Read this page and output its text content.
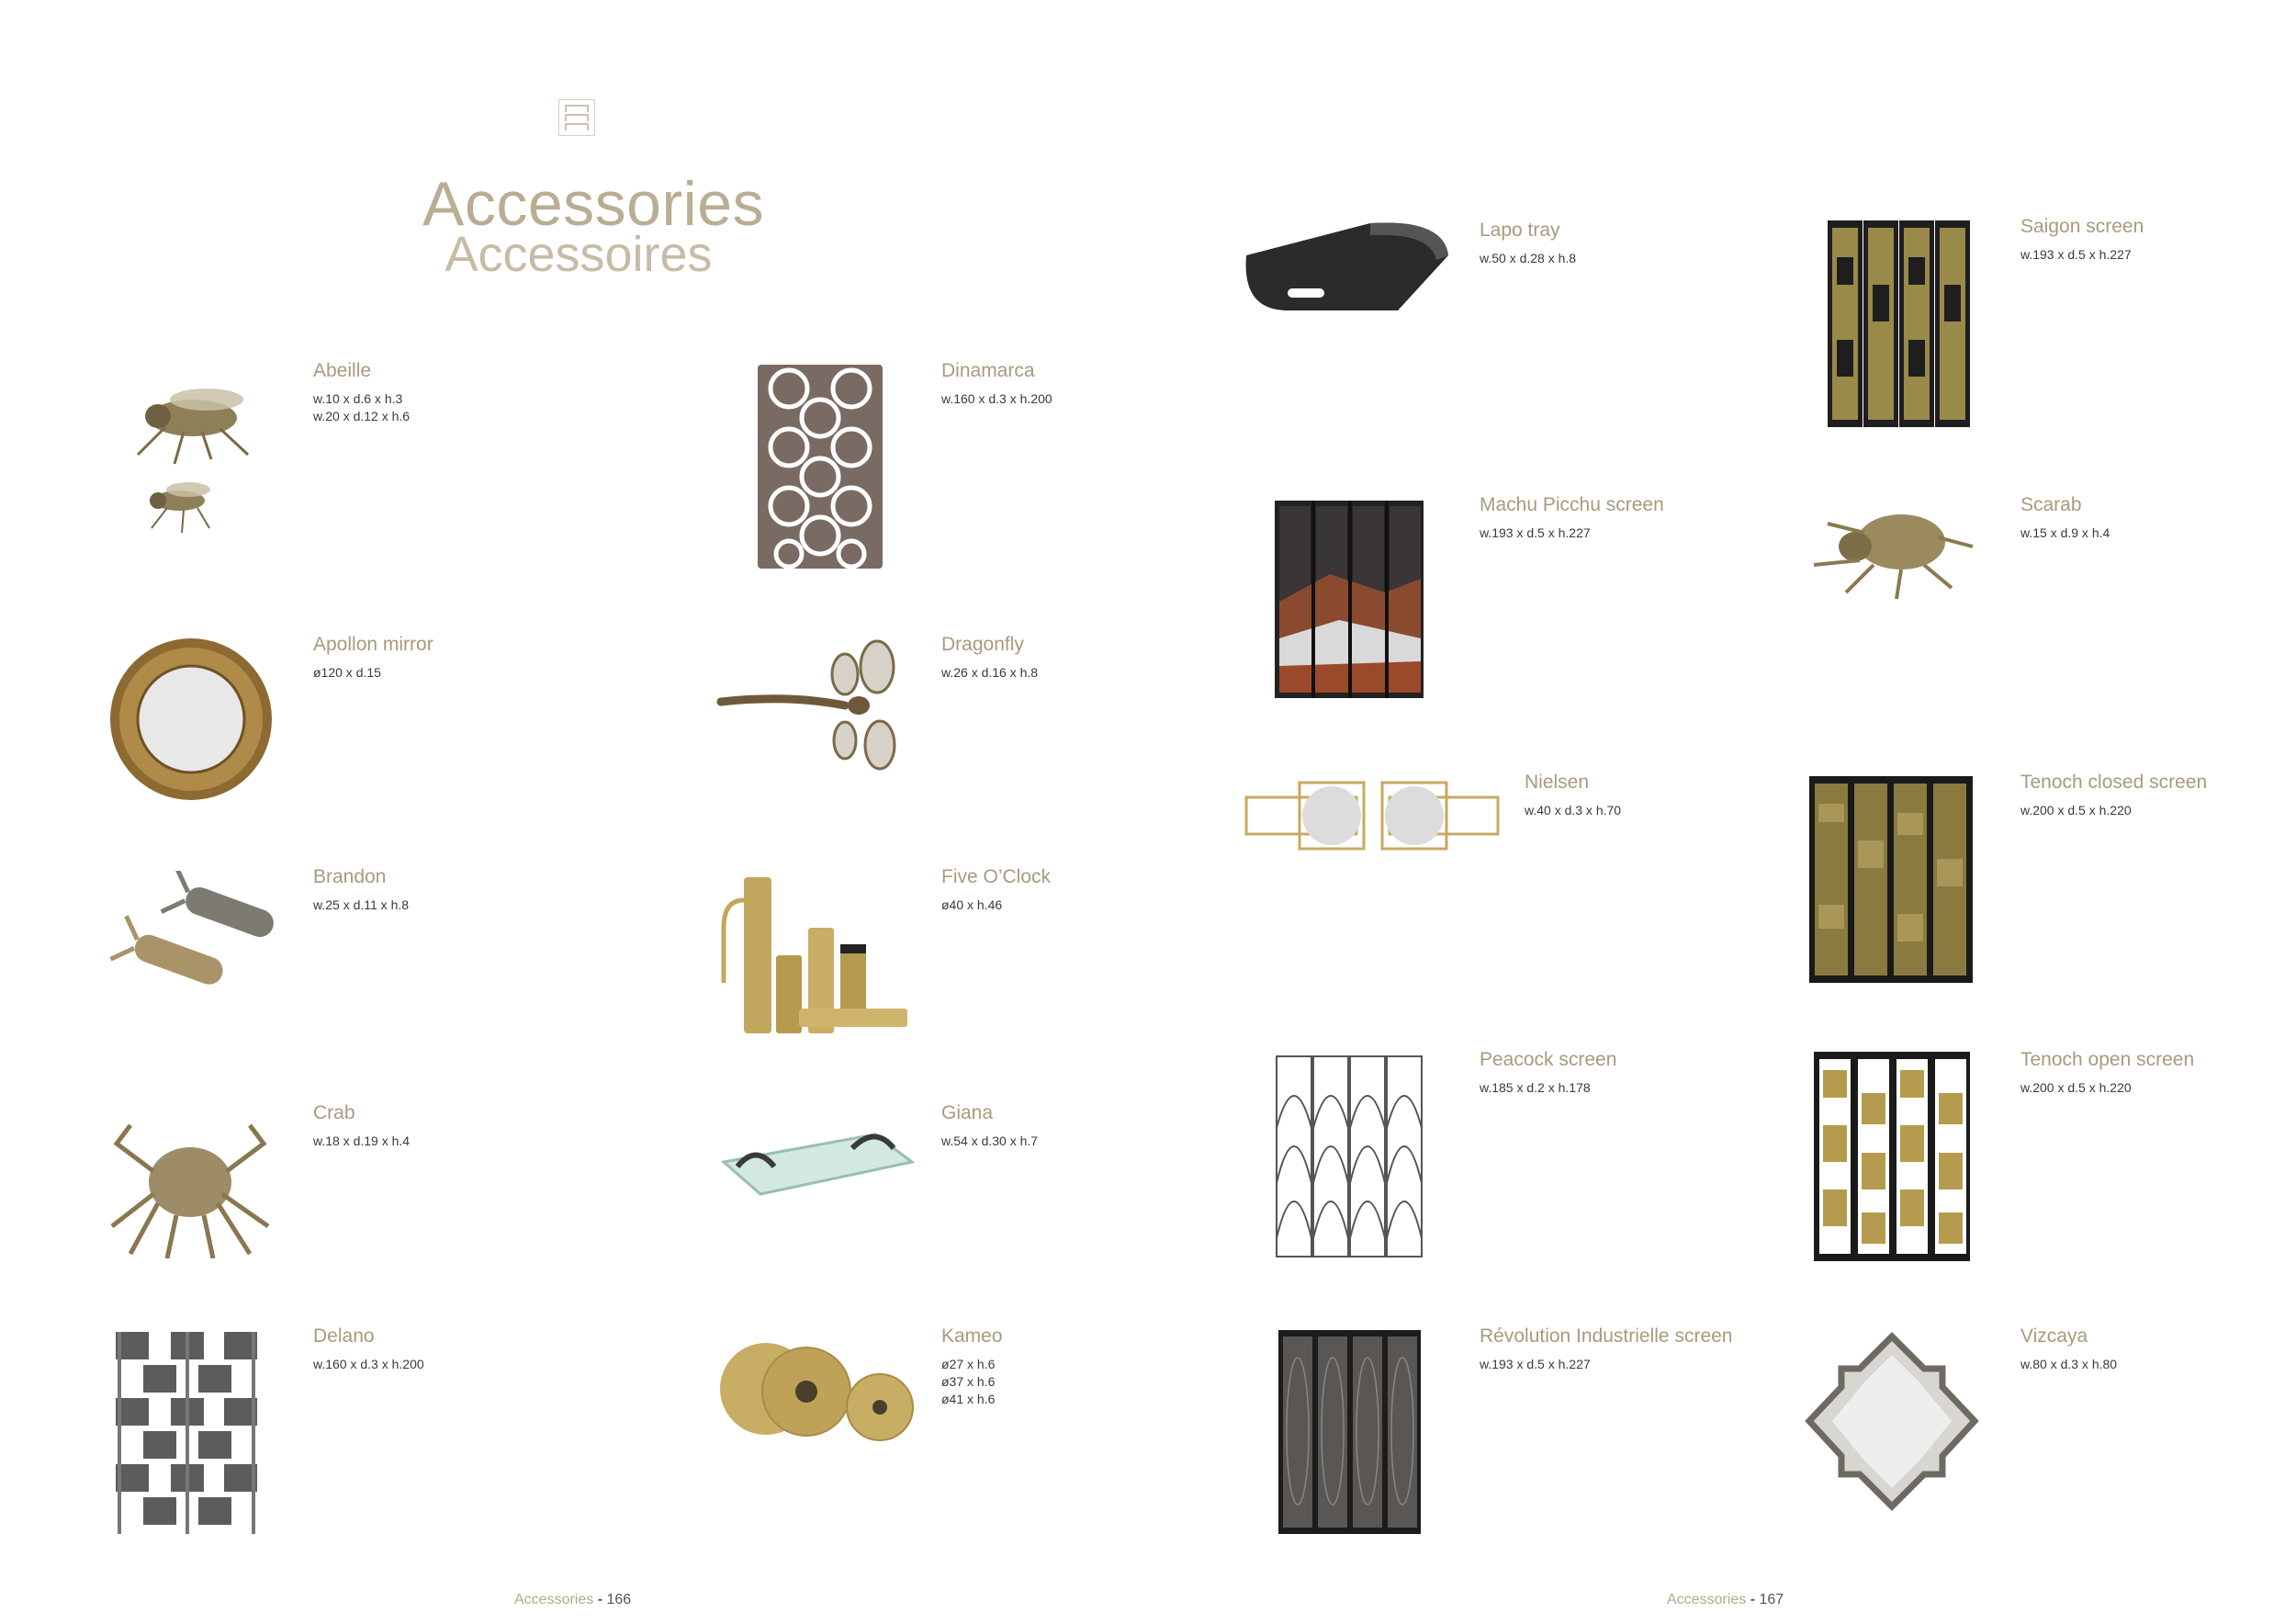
Accessories
Accessoires
Abeille
w.10 x d.6 x h.3
w.20 x d.12 x h.6
Dinamarca
w.160 x d.3 x h.200
Apollon mirror
ø120 x d.15
Dragonfly
w.26 x d.16 x h.8
Brandon
w.25 x d.11 x h.8
Five O’Clock
ø40 x h.46
Crab
w.18 x d.19 x h.4
Giana
w.54 x d.30 x h.7
Delano
w.160 x d.3 x h.200
Kameo
ø27 x h.6
ø37 x h.6
ø41 x h.6
Lapo tray
w.50 x d.28 x h.8
Saigon screen
w.193 x d.5 x h.227
Machu Picchu screen
w.193 x d.5 x h.227
Scarab
w.15 x d.9 x h.4
Nielsen
w.40 x d.3 x h.70
Tenoch closed screen
w.200 x d.5 x h.220
Peacock screen
w.185 x d.2 x h.178
Tenoch open screen
w.200 x d.5 x h.220
Révolution Industrielle screen
w.193 x d.5 x h.227
Vizcaya
w.80 x d.3 x h.80
Accessories - 166	Accessories - 167
